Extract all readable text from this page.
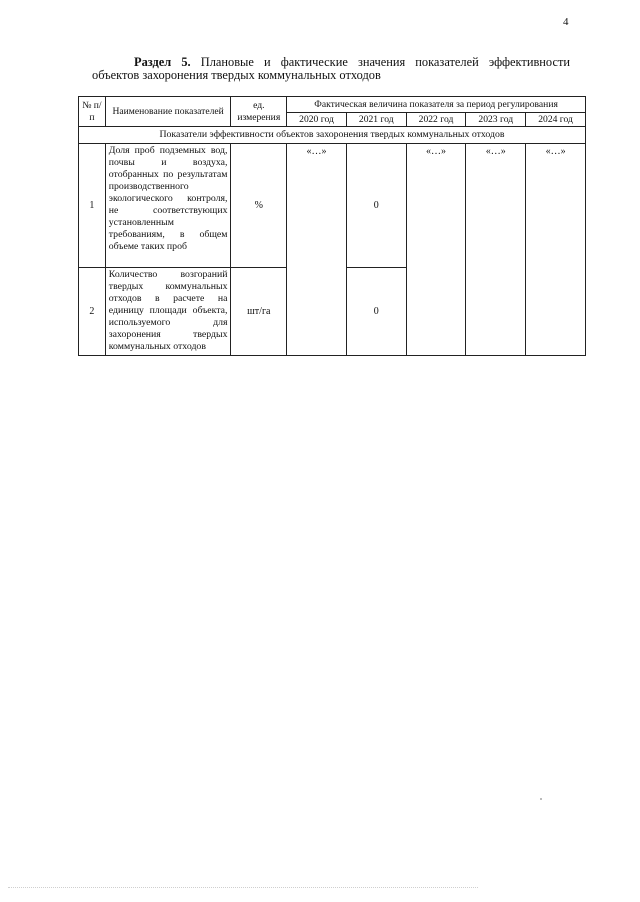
4
Раздел 5. Плановые и фактические значения показателей эффективности
объектов захоронения твердых коммунальных отходов
№ п/п	Наименование показателей	ед. измерения	Фактическая величина показателя за период регулирования				
			2020 год	2021 год	2022 год	2023 год	2024 год
Показатели эффективности объектов захоронения твердых коммунальных отходов							
1	Доля проб подземных вод, почвы и воздуха, отобранных по результатам производственного экологического контроля, не соответствующих установленным требованиям, в общем объеме таких проб	%	«…»	0	«…»	«…»	«…»
2	Количество возгораний твердых коммунальных отходов в расчете на единицу площади объекта, используемого для захоронения твердых коммунальных отходов	шт/га		0			
